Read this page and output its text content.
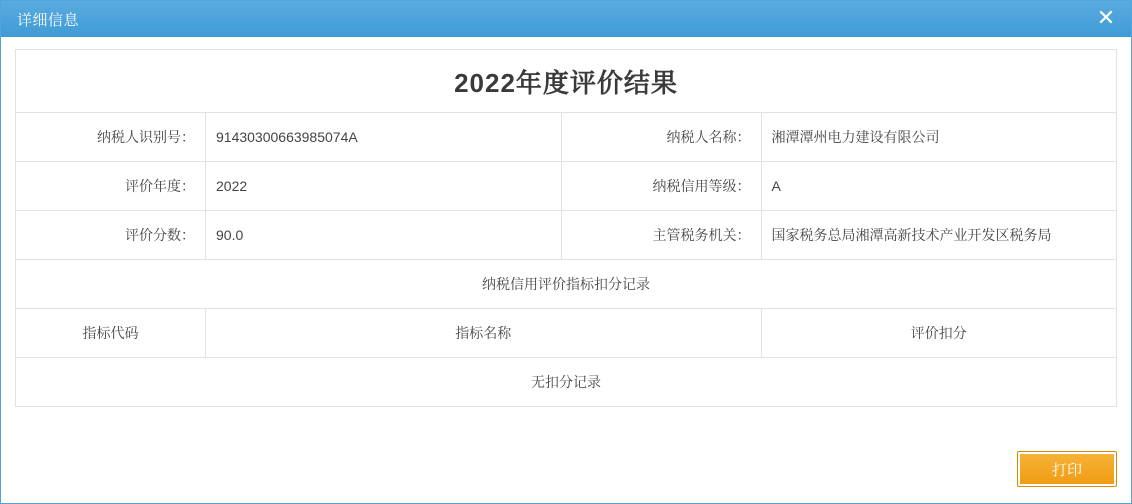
详细信息	✕
2022年度评价结果
纳税人识别号：	91430300663985074A	纳税人名称：	湘潭潭州电力建设有限公司
评价年度：	2022	纳税信用等级：	A
评价分数：	90.0	主管税务机关：	国家税务总局湘潭高新技术产业开发区税务局
纳税信用评价指标扣分记录			
指标代码	指标名称		评价扣分
无扣分记录			
打印
